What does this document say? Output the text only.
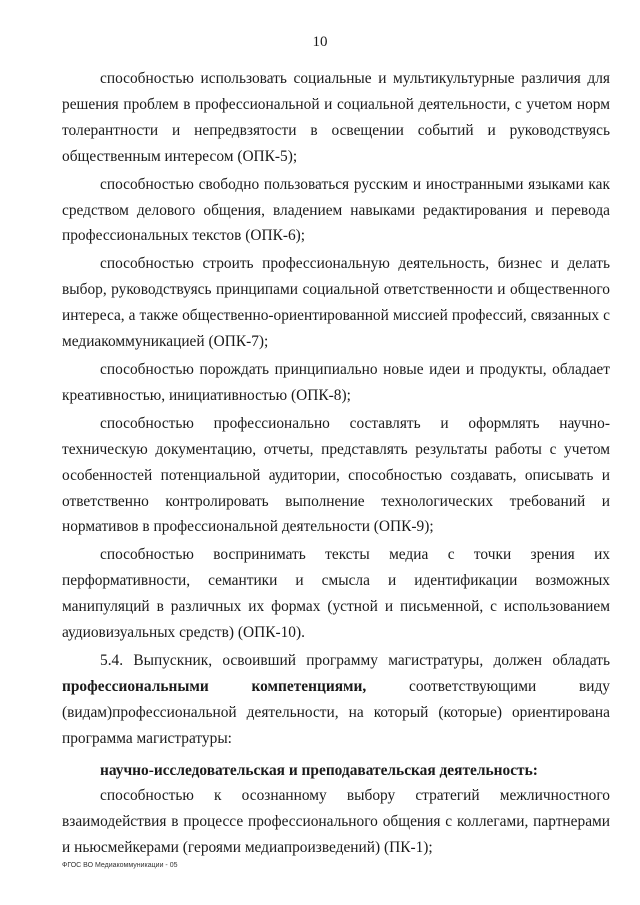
10

способностью использовать социальные и мультикультурные различия для решения проблем в профессиональной и социальной деятельности, с учетом норм толерантности и непредвзятости в освещении событий и руководствуясь общественным интересом (ОПК-5);

способностью свободно пользоваться русским и иностранными языками как средством делового общения, владением навыками редактирования и перевода профессиональных текстов (ОПК-6);

способностью строить профессиональную деятельность, бизнес и делать выбор, руководствуясь принципами социальной ответственности и общественного интереса, а также общественно-ориентированной миссией профессий, связанных с медиакоммуникацией (ОПК-7);

способностью порождать принципиально новые идеи и продукты, обладает креативностью, инициативностью (ОПК-8);

способностью профессионально составлять и оформлять научно-техническую документацию, отчеты, представлять результаты работы с учетом особенностей потенциальной аудитории, способностью создавать, описывать и ответственно контролировать выполнение технологических требований и нормативов в профессиональной деятельности (ОПК-9);

способностью воспринимать тексты медиа с точки зрения их перформативности, семантики и смысла и идентификации возможных манипуляций в различных их формах (устной и письменной, с использованием аудиовизуальных средств) (ОПК-10).

5.4. Выпускник, освоивший программу магистратуры, должен обладать профессиональными компетенциями,	соответствующими виду (видам)профессиональной деятельности, на который (которые) ориентирована программа магистратуры:

научно-исследовательская и преподавательская деятельность:

способностью к осознанному выбору стратегий межличностного взаимодействия в процессе профессионального общения с коллегами, партнерами и ньюсмейкерами (героями медиапроизведений) (ПК-1);

ФГОС ВО Медиакоммуникации - 05
